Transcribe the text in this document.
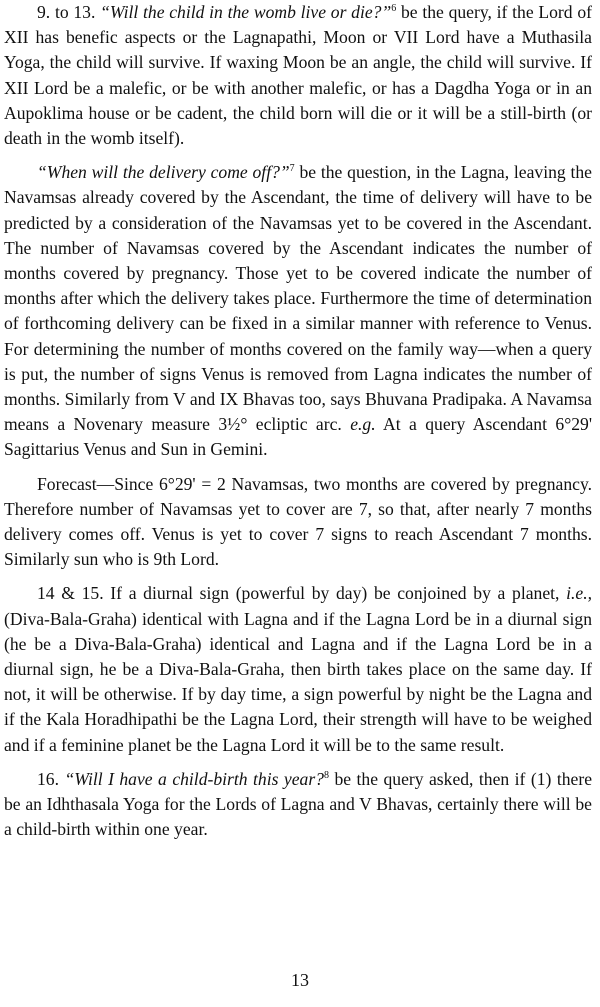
9. to 13. “Will the child in the womb live or die?”$^6$ be the query, if the Lord of XII has benefic aspects or the Lagnapathi, Moon or VII Lord have a Muthasila Yoga, the child will survive. If waxing Moon be an angle, the child will survive. If XII Lord be a malefic, or be with another malefic, or has a Dagdha Yoga or in an Aupoklima house or be cadent, the child born will die or it will be a still-birth (or death in the womb itself).

“When will the delivery come off?”$^7$ be the question, in the Lagna, leaving the Navamsas already covered by the Ascendant, the time of delivery will have to be predicted by a consideration of the Navamsas yet to be covered in the Ascendant. The number of Navamsas covered by the Ascendant indicates the number of months covered by pregnancy. Those yet to be covered indicate the number of months after which the delivery takes place. Furthermore the time of determination of forthcoming delivery can be fixed in a similar manner with reference to Venus. For determining the number of months covered on the family way—when a query is put, the number of signs Venus is removed from Lagna indicates the number of months. Similarly from V and IX Bhavas too, says Bhuvana Pradipaka. A Navamsa means a Novenary measure 3½° ecliptic arc. e.g. At a query Ascendant 6°29' Sagittarius Venus and Sun in Gemini.

Forecast—Since 6°29' = 2 Navamsas, two months are covered by pregnancy. Therefore number of Navamsas yet to cover are 7, so that, after nearly 7 months delivery comes off. Venus is yet to cover 7 signs to reach Ascendant 7 months. Similarly sun who is 9th Lord.

14 & 15. If a diurnal sign (powerful by day) be conjoined by a planet, i.e., (Diva-Bala-Graha) identical with Lagna and if the Lagna Lord be in a diurnal sign (he be a Diva-Bala-Graha) identical and Lagna and if the Lagna Lord be in a diurnal sign, he be a Diva-Bala-Graha, then birth takes place on the same day. If not, it will be otherwise. If by day time, a sign powerful by night be the Lagna and if the Kala Horadhipathi be the Lagna Lord, their strength will have to be weighed and if a feminine planet be the Lagna Lord it will be to the same result.

16. “Will I have a child-birth this year?$^8$ be the query asked, then if (1) there be an Idhthasala Yoga for the Lords of Lagna and V Bhavas, certainly there will be a child-birth within one year.

13
